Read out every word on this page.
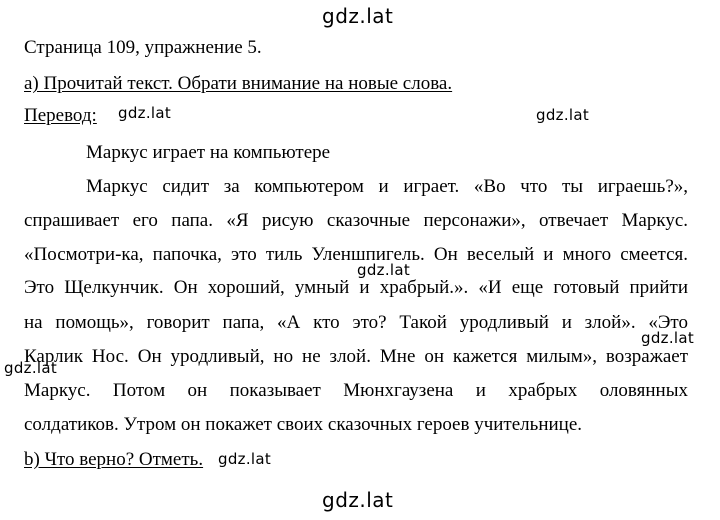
Страница 109, упражнение 5.
а) Прочитай текст. Обрати внимание на новые слова.
Перевод:
Маркус играет на компьютере
Маркус сидит за компьютером и играет. «Во что ты играешь?»,
спрашивает его папа. «Я рисую сказочные персонажи», отвечает Маркус.
«Посмотри-ка, папочка, это тиль Уленшпигель. Он веселый и много смеется.
Это Щелкунчик. Он хороший, умный и храбрый.». «И еще готовый прийти
на помощь», говорит папа, «А кто это? Такой уродливый и злой». «Это
Карлик Нос. Он уродливый, но не злой. Мне он кажется милым», возражает
Маркус. Потом он показывает Мюнхгаузена и храбрых оловянных
солдатиков. Утром он покажет своих сказочных героев учительнице.
b) Что верно? Отметь.
gdz.lat
gdz.lat	gdz.lat
gdz.lat
gdz.lat
gdz.lat
gdz.lat
gdz.lat
